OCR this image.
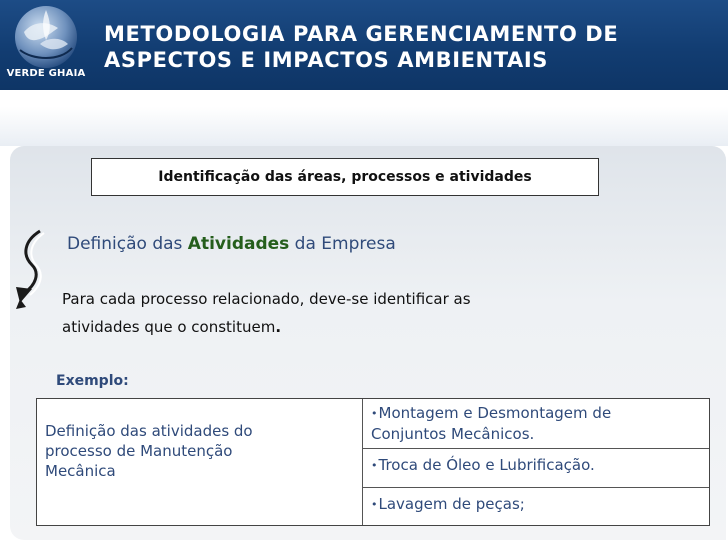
VERDE GHAIA
METODOLOGIA PARA GERENCIAMENTO DE
ASPECTOS E IMPACTOS AMBIENTAIS
Identificação das áreas, processos e atividades
Definição das Atividades da Empresa
Para cada processo relacionado, deve-se identificar as
atividades que o constituem.
Exemplo:
Definição das atividades do
processo de Manutenção
Mecânica
•Montagem e Desmontagem de
Conjuntos Mecânicos.
•Troca de Óleo e Lubrificação.
•Lavagem de peças;
